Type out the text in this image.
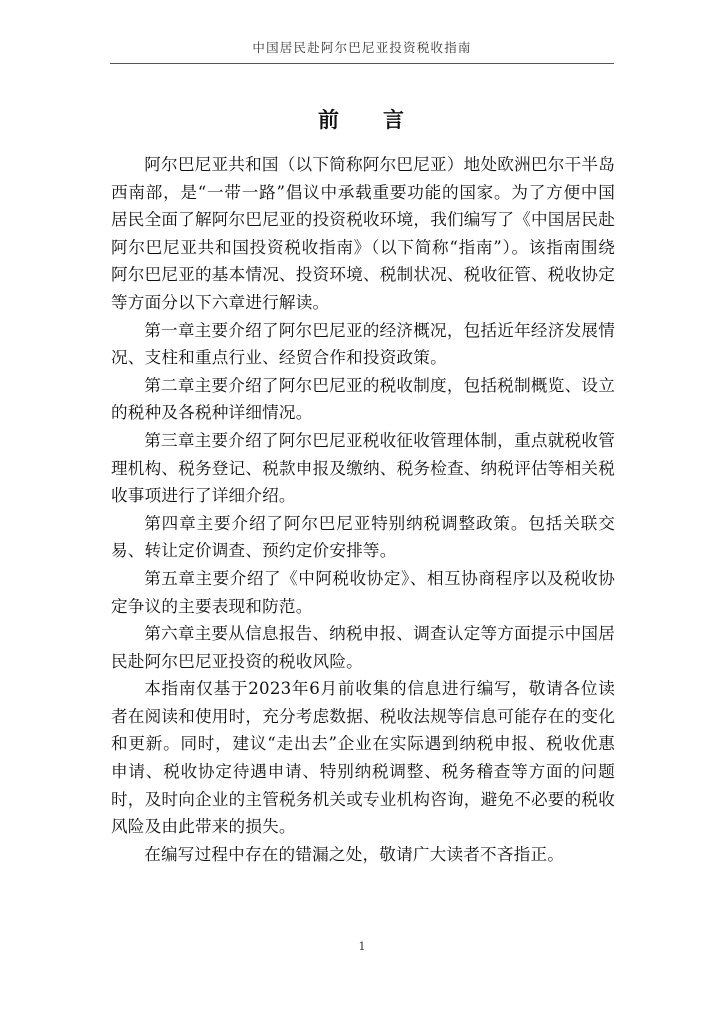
中国居民赴阿尔巴尼亚投资税收指南
前 言

阿尔巴尼亚共和国（以下简称阿尔巴尼亚）地处欧洲巴尔干半岛西南部，是“一带一路”倡议中承载重要功能的国家。为了方便中国居民全面了解阿尔巴尼亚的投资税收环境，我们编写了《中国居民赴阿尔巴尼亚共和国投资税收指南》（以下简称“指南”）。该指南围绕阿尔巴尼亚的基本情况、投资环境、税制状况、税收征管、税收协定等方面分以下六章进行解读。

第一章主要介绍了阿尔巴尼亚的经济概况，包括近年经济发展情况、支柱和重点行业、经贸合作和投资政策。

第二章主要介绍了阿尔巴尼亚的税收制度，包括税制概览、设立的税种及各税种详细情况。

第三章主要介绍了阿尔巴尼亚税收征收管理体制，重点就税收管理机构、税务登记、税款申报及缴纳、税务检查、纳税评估等相关税收事项进行了详细介绍。

第四章主要介绍了阿尔巴尼亚特别纳税调整政策。包括关联交易、转让定价调查、预约定价安排等。

第五章主要介绍了《中阿税收协定》、相互协商程序以及税收协定争议的主要表现和防范。

第六章主要从信息报告、纳税申报、调查认定等方面提示中国居民赴阿尔巴尼亚投资的税收风险。

本指南仅基于2023年6月前收集的信息进行编写，敬请各位读者在阅读和使用时，充分考虑数据、税收法规等信息可能存在的变化和更新。同时，建议“走出去”企业在实际遇到纳税申报、税收优惠申请、税收协定待遇申请、特别纳税调整、税务稽查等方面的问题时，及时向企业的主管税务机关或专业机构咨询，避免不必要的税收风险及由此带来的损失。

在编写过程中存在的错漏之处，敬请广大读者不吝指正。

1
